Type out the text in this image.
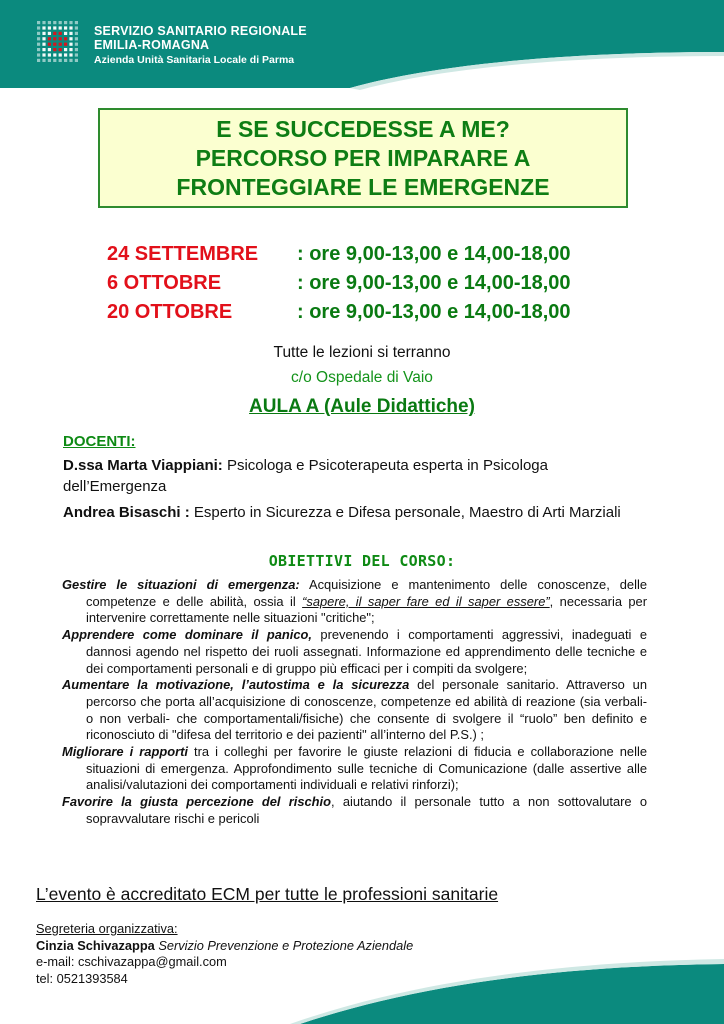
SERVIZIO SANITARIO REGIONALE
EMILIA-ROMAGNA
Azienda Unità Sanitaria Locale di Parma
E SE SUCCEDESSE A ME?
PERCORSO PER IMPARARE A
FRONTEGGIARE LE EMERGENZE
24 SETTEMBRE	: ore 9,00-13,00 e 14,00-18,00
6 OTTOBRE	: ore 9,00-13,00 e 14,00-18,00
20 OTTOBRE	: ore 9,00-13,00 e 14,00-18,00
Tutte le lezioni si terranno
c/o Ospedale di Vaio
AULA A (Aule Didattiche)
DOCENTI:
D.ssa Marta Viappiani: Psicologa e Psicoterapeuta esperta in Psicologa dell’Emergenza
Andrea Bisaschi : Esperto in Sicurezza e Difesa personale, Maestro di Arti Marziali
OBIETTIVI DEL CORSO:
Gestire le situazioni di emergenza: Acquisizione e mantenimento delle conoscenze, delle competenze e delle abilità, ossia il “sapere, il saper fare ed il saper essere”, necessaria per intervenire correttamente nelle situazioni "critiche";
Apprendere come dominare il panico, prevenendo i comportamenti aggressivi, inadeguati e dannosi agendo nel rispetto dei ruoli assegnati. Informazione ed apprendimento delle tecniche e dei comportamenti personali e di gruppo più efficaci per i compiti da svolgere;
Aumentare la motivazione, l’autostima e la sicurezza del personale sanitario. Attraverso un percorso che porta all’acquisizione di conoscenze, competenze ed abilità di reazione (sia verbali- o non verbali- che comportamentali/fisiche) che consente di svolgere il “ruolo” ben definito e riconosciuto di "difesa del territorio e dei pazienti" all’interno del P.S.) ;
Migliorare i rapporti tra i colleghi per favorire le giuste relazioni di fiducia e collaborazione nelle situazioni di emergenza. Approfondimento sulle tecniche di Comunicazione (dalle assertive alle analisi/valutazioni dei comportamenti individuali e relativi rinforzi);
Favorire la giusta percezione del rischio, aiutando il personale tutto a non sottovalutare o sopravvalutare rischi e pericoli
L’evento è accreditato ECM per tutte le professioni sanitarie
Segreteria organizzativa:
Cinzia Schivazappa Servizio Prevenzione e Protezione Aziendale
e-mail: cschivazappa@gmail.com
tel: 0521393584
